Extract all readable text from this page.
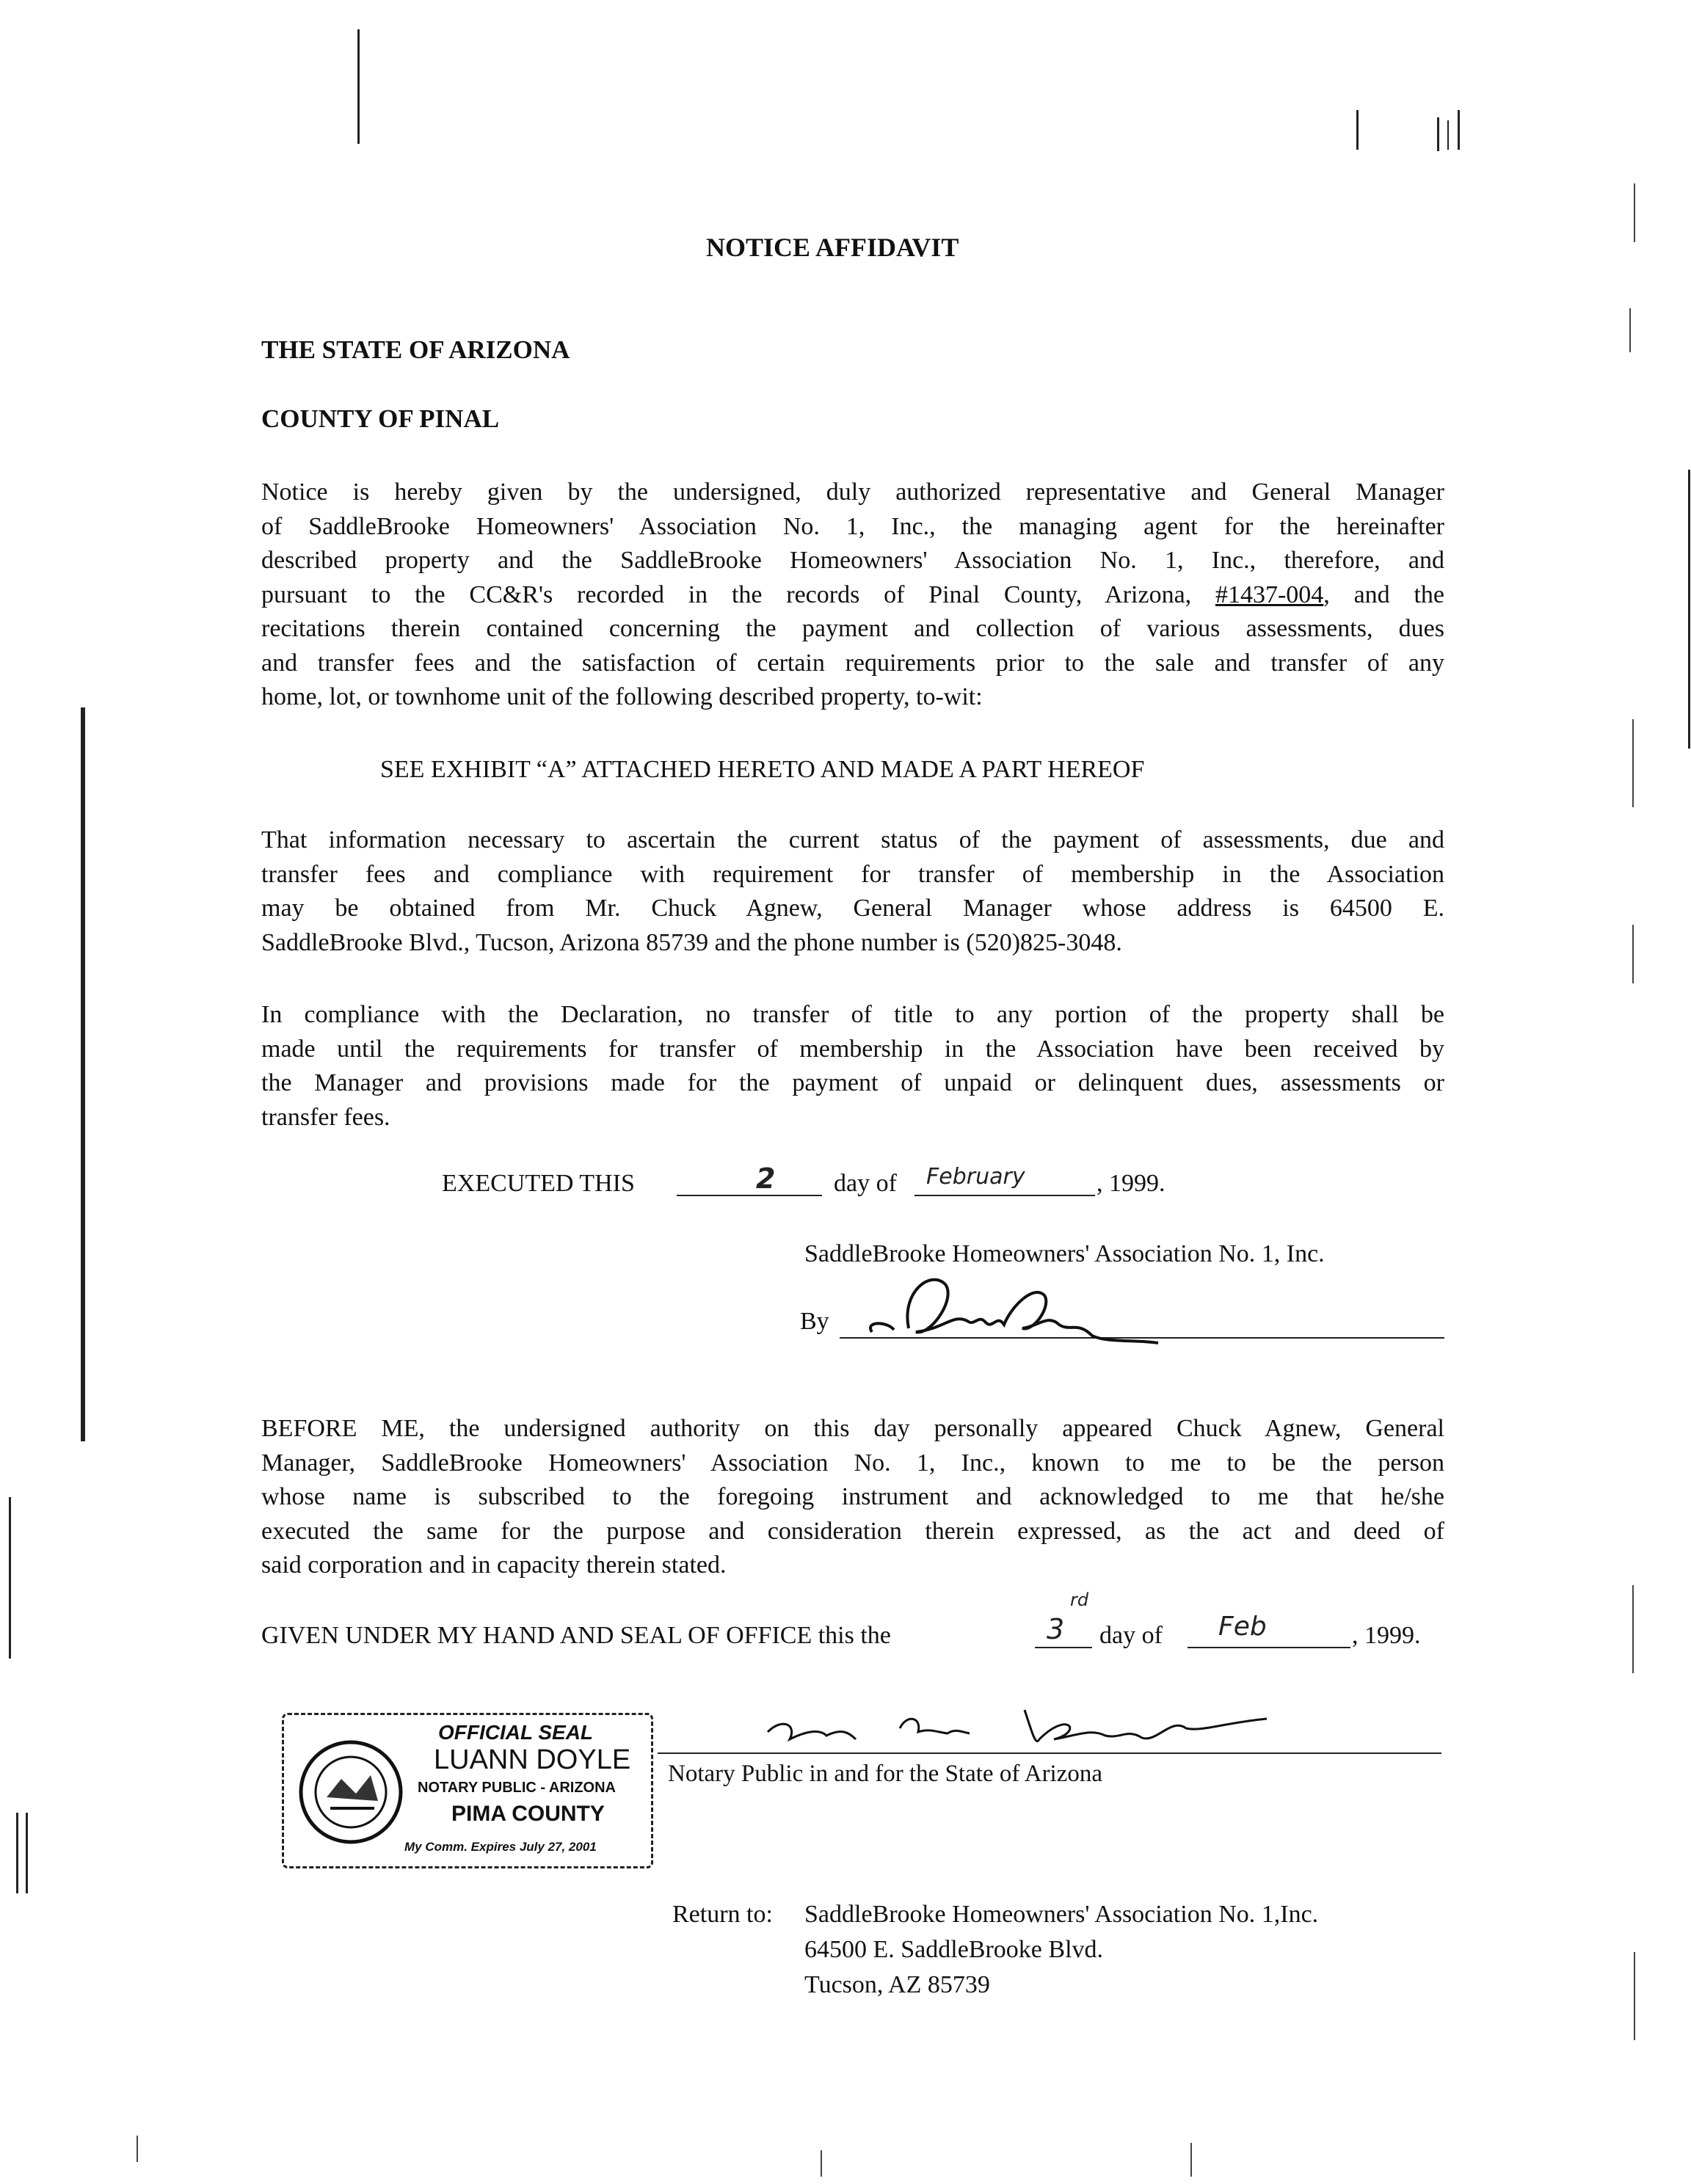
NOTICE AFFIDAVIT
THE STATE OF ARIZONA
COUNTY OF PINAL
Notice is hereby given by the undersigned, duly authorized representative and General Manager
of SaddleBrooke Homeowners' Association No. 1, Inc., the managing agent for the hereinafter
described property and the SaddleBrooke Homeowners' Association No. 1, Inc., therefore, and
pursuant to the CC&R's recorded in the records of Pinal County, Arizona, #1437-004, and the
recitations therein contained concerning the payment and collection of various assessments, dues
and transfer fees and the satisfaction of certain requirements prior to the sale and transfer of any
home, lot, or townhome unit of the following described property, to-wit:
SEE EXHIBIT “A” ATTACHED HERETO AND MADE A PART HEREOF
That information necessary to ascertain the current status of the payment of assessments, due and
transfer fees and compliance with requirement for transfer of membership in the Association
may be obtained from Mr. Chuck Agnew, General Manager whose address is 64500 E.
SaddleBrooke Blvd., Tucson, Arizona 85739 and the phone number is (520)825-3048.
In compliance with the Declaration, no transfer of title to any portion of the property shall be
made until the requirements for transfer of membership in the Association have been received by
the Manager and provisions made for the payment of unpaid or delinquent dues, assessments or
transfer fees.
EXECUTED THIS	2 day of February	, 1999.
SaddleBrooke Homeowners' Association No. 1, Inc.
By
BEFORE ME, the undersigned authority on this day personally appeared Chuck Agnew, General
Manager, SaddleBrooke Homeowners' Association No. 1, Inc., known to me to be the person
whose name is subscribed to the foregoing instrument and acknowledged to me that he/she
executed the same for the purpose and consideration therein expressed, as the act and deed of
said corporation and in capacity therein stated.
GIVEN UNDER MY HAND AND SEAL OF OFFICE this the	3
rd
day of Feb	, 1999.
Notary Public in and for the State of Arizona
OFFICIAL SEAL
LUANN DOYLE
NOTARY PUBLIC - ARIZONA
PIMA COUNTY
My Comm. Expires July 27, 2001
Return to: SaddleBrooke Homeowners' Association No. 1,Inc.
64500 E. SaddleBrooke Blvd.
Tucson, AZ 85739
